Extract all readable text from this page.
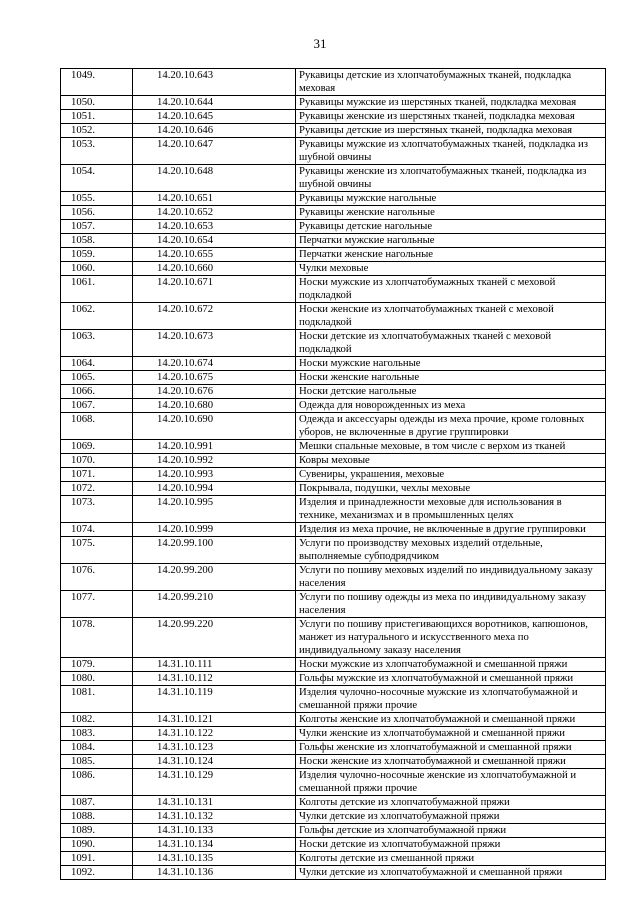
31
1049.	14.20.10.643	Рукавицы детские из хлопчатобумажных тканей, подкладка меховая
1050.	14.20.10.644	Рукавицы мужские из шерстяных тканей, подкладка меховая
1051.	14.20.10.645	Рукавицы женские из шерстяных тканей, подкладка меховая
1052.	14.20.10.646	Рукавицы детские из шерстяных тканей, подкладка меховая
1053.	14.20.10.647	Рукавицы мужские из хлопчатобумажных тканей, подкладка из шубной овчины
1054.	14.20.10.648	Рукавицы женские из хлопчатобумажных тканей, подкладка из шубной овчины
1055.	14.20.10.651	Рукавицы мужские нагольные
1056.	14.20.10.652	Рукавицы женские нагольные
1057.	14.20.10.653	Рукавицы детские нагольные
1058.	14.20.10.654	Перчатки мужские нагольные
1059.	14.20.10.655	Перчатки женские нагольные
1060.	14.20.10.660	Чулки меховые
1061.	14.20.10.671	Носки мужские из хлопчатобумажных тканей с меховой подкладкой
1062.	14.20.10.672	Носки женские из хлопчатобумажных тканей с меховой подкладкой
1063.	14.20.10.673	Носки детские из хлопчатобумажных тканей с меховой подкладкой
1064.	14.20.10.674	Носки мужские нагольные
1065.	14.20.10.675	Носки женские нагольные
1066.	14.20.10.676	Носки детские нагольные
1067.	14.20.10.680	Одежда для новорожденных из меха
1068.	14.20.10.690	Одежда и аксессуары одежды из меха прочие, кроме головных уборов, не включенные в другие группировки
1069.	14.20.10.991	Мешки спальные меховые, в том числе с верхом из тканей
1070.	14.20.10.992	Ковры меховые
1071.	14.20.10.993	Сувениры, украшения, меховые
1072.	14.20.10.994	Покрывала, подушки, чехлы меховые
1073.	14.20.10.995	Изделия и принадлежности меховые для использования в технике, механизмах и в промышленных целях
1074.	14.20.10.999	Изделия из меха прочие, не включенные в другие группировки
1075.	14.20.99.100	Услуги по производству меховых изделий отдельные, выполняемые субподрядчиком
1076.	14.20.99.200	Услуги по пошиву меховых изделий по индивидуальному заказу населения
1077.	14.20.99.210	Услуги по пошиву одежды из меха по индивидуальному заказу населения
1078.	14.20.99.220	Услуги по пошиву пристегивающихся воротников, капюшонов, манжет из натурального и искусственного меха по индивидуальному заказу населения
1079.	14.31.10.111	Носки мужские из хлопчатобумажной и смешанной пряжи
1080.	14.31.10.112	Гольфы мужские из хлопчатобумажной и смешанной пряжи
1081.	14.31.10.119	Изделия чулочно-носочные мужские из хлопчатобумажной и смешанной пряжи прочие
1082.	14.31.10.121	Колготы женские из хлопчатобумажной и смешанной пряжи
1083.	14.31.10.122	Чулки женские из хлопчатобумажной и смешанной пряжи
1084.	14.31.10.123	Гольфы женские из хлопчатобумажной и смешанной пряжи
1085.	14.31.10.124	Носки женские из хлопчатобумажной и смешанной пряжи
1086.	14.31.10.129	Изделия чулочно-носочные женские из хлопчатобумажной и смешанной пряжи прочие
1087.	14.31.10.131	Колготы детские из хлопчатобумажной пряжи
1088.	14.31.10.132	Чулки детские из хлопчатобумажной пряжи
1089.	14.31.10.133	Гольфы детские из хлопчатобумажной пряжи
1090.	14.31.10.134	Носки детские из хлопчатобумажной пряжи
1091.	14.31.10.135	Колготы детские из смешанной пряжи
1092.	14.31.10.136	Чулки детские из хлопчатобумажной и смешанной пряжи
